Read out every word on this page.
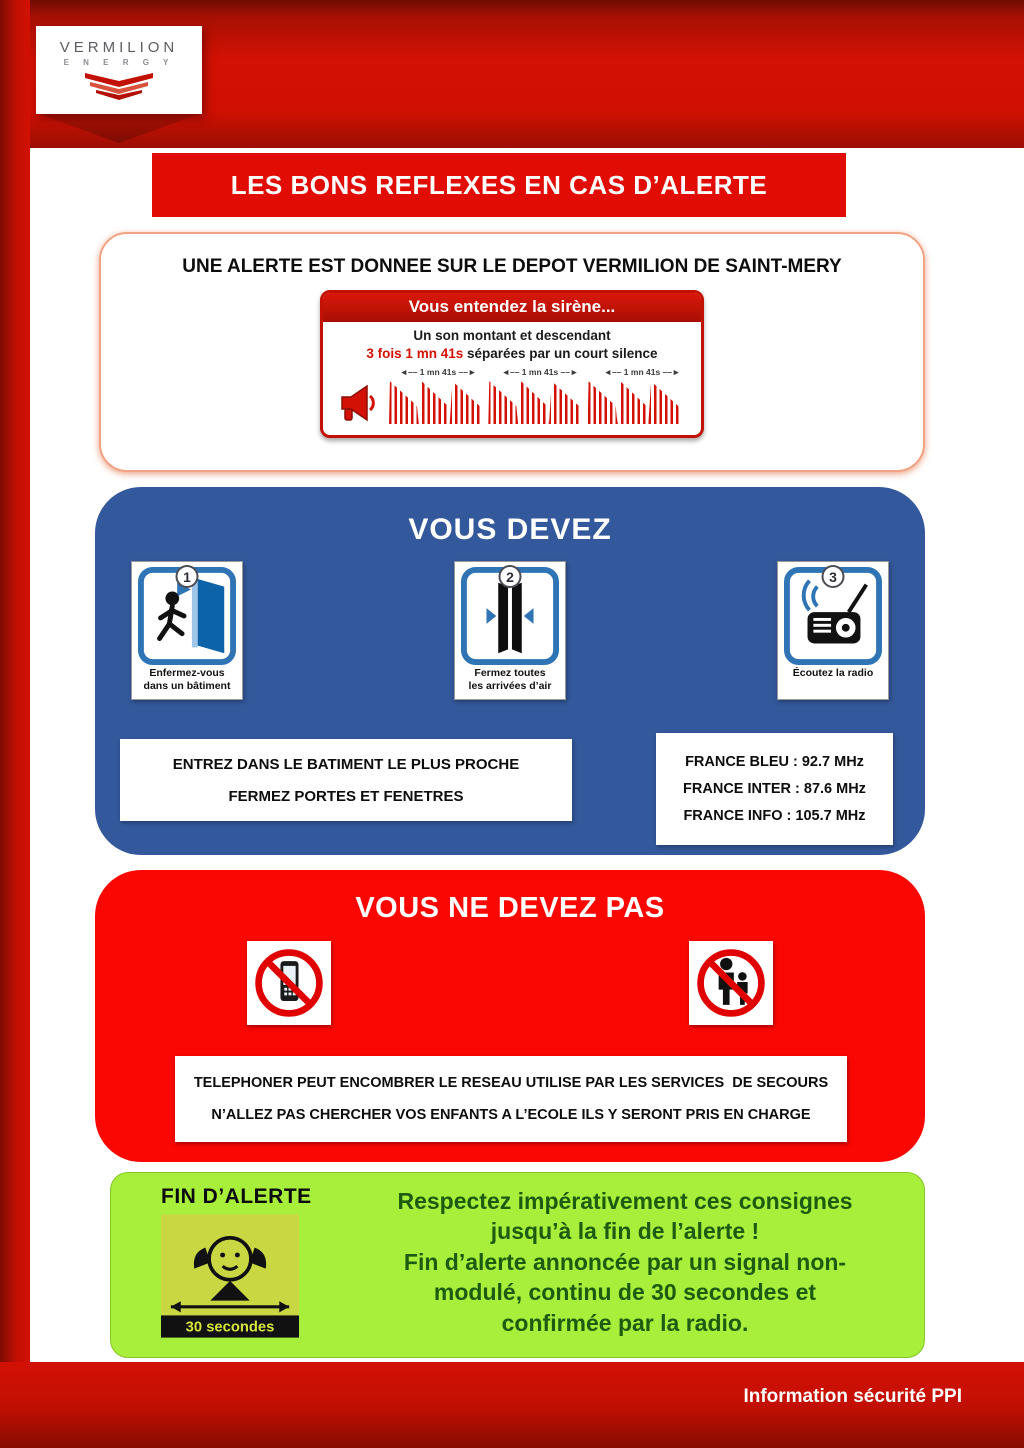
VERMILION
E N E R G Y
LES BONS REFLEXES EN CAS D’ALERTE
UNE ALERTE EST DONNEE SUR LE DEPOT VERMILION DE SAINT-MERY
Vous entendez la sirène...
Un son montant et descendant
3 fois 1 mn 41s séparées par un court silence
◄–– 1 mn 41s ––►	◄–– 1 mn 41s ––►	◄–– 1 mn 41s ––►
VOUS DEVEZ
1
Enfermez-vous
dans un bâtiment
2
Fermez toutes
les arrivées d’air
3
Écoutez la radio

ENTREZ DANS LE BATIMENT LE PLUS PROCHE
FERMEZ PORTES ET FENETRES
FRANCE BLEU : 92.7 MHz
FRANCE INTER : 87.6 MHz
FRANCE INFO : 105.7 MHz
VOUS NE DEVEZ PAS
TELEPHONER PEUT ENCOMBRER LE RESEAU UTILISE PAR LES SERVICES  DE SECOURS
N’ALLEZ PAS CHERCHER VOS ENFANTS A L’ECOLE ILS Y SERONT PRIS EN CHARGE
FIN D’ALERTE
30 secondes
Respectez impérativement ces consignes
jusqu’à la fin de l’alerte !
Fin d’alerte annoncée par un signal non-
modulé, continu de 30 secondes et
confirmée par la radio.
Information sécurité PPI
